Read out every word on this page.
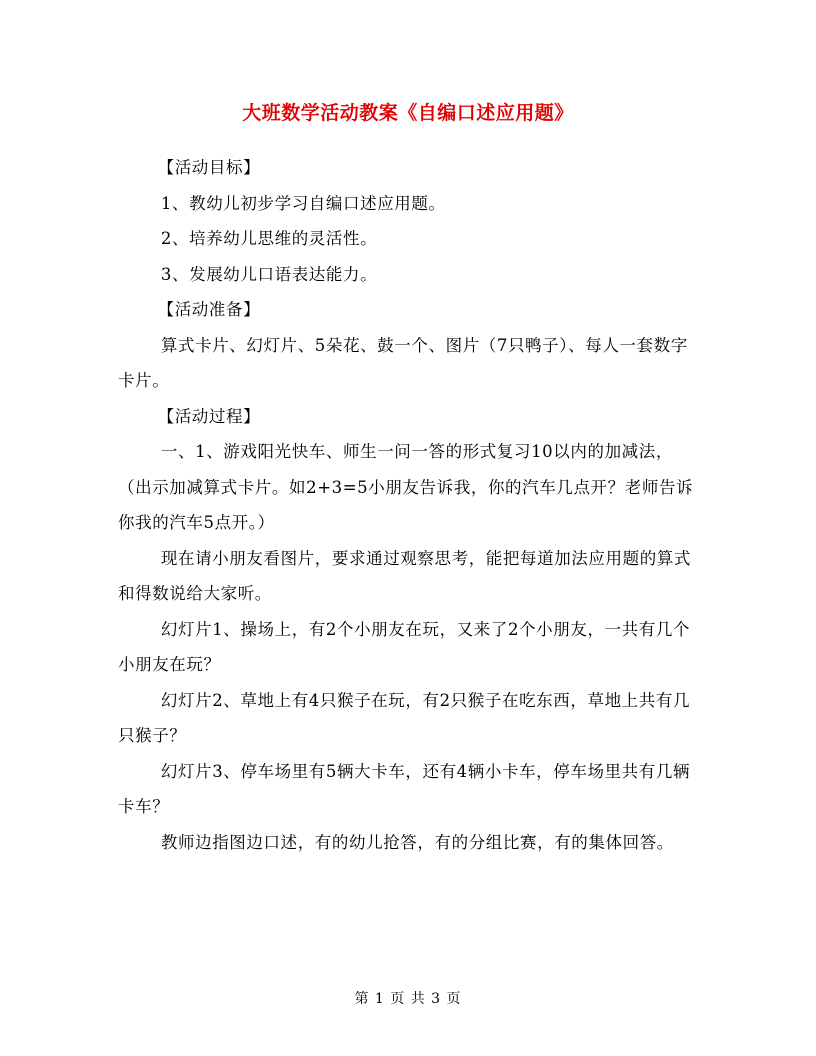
大班数学活动教案《自编口述应用题》

【活动目标】

1、教幼儿初步学习自编口述应用题。

2、培养幼儿思维的灵活性。

3、发展幼儿口语表达能力。

【活动准备】

算式卡片、幻灯片、5朵花、鼓一个、图片（7只鸭子）、每人一套数字卡片。

【活动过程】

一、1、游戏阳光快车、师生一问一答的形式复习10以内的加减法，（出示加减算式卡片。如2+3=5小朋友告诉我，你的汽车几点开？老师告诉你我的汽车5点开。）

现在请小朋友看图片，要求通过观察思考，能把每道加法应用题的算式和得数说给大家听。

幻灯片1、操场上，有2个小朋友在玩，又来了2个小朋友，一共有几个小朋友在玩？

幻灯片2、草地上有4只猴子在玩，有2只猴子在吃东西，草地上共有几只猴子？

幻灯片3、停车场里有5辆大卡车，还有4辆小卡车，停车场里共有几辆卡车？

教师边指图边口述，有的幼儿抢答，有的分组比赛，有的集体回答。

第 1 页 共 3 页
